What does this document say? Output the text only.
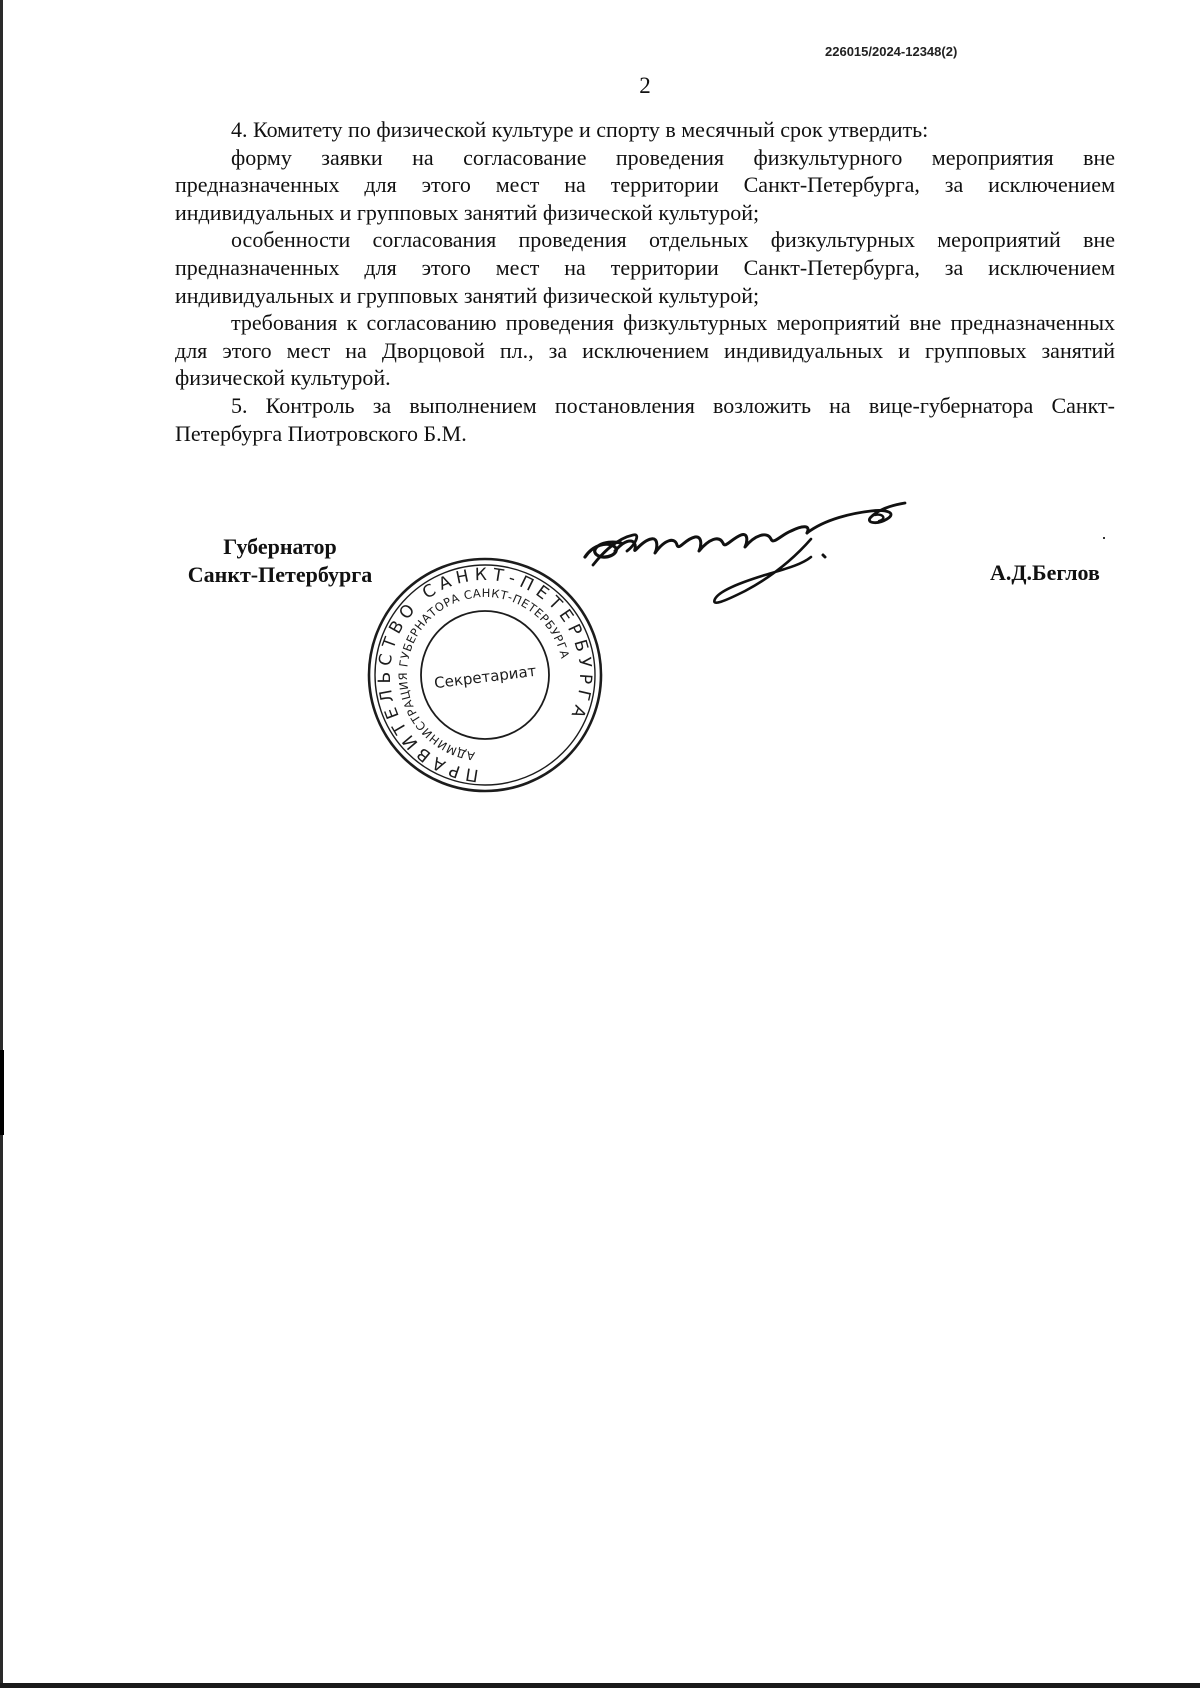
226015/2024-12348(2)
2

4. Комитету по физической культуре и спорту в месячный срок утвердить:

форму заявки на согласование проведения физкультурного мероприятия вне предназначенных для этого мест на территории Санкт-Петербурга, за исключением индивидуальных и групповых занятий физической культурой;

особенности согласования проведения отдельных физкультурных мероприятий вне предназначенных для этого мест на территории Санкт-Петербурга, за исключением индивидуальных и групповых занятий физической культурой;

требования к согласованию проведения физкультурных мероприятий вне предназначенных для этого мест на Дворцовой пл., за исключением индивидуальных и групповых занятий физической культурой.

5. Контроль за выполнением постановления возложить на вице-губернатора Санкт-Петербурга Пиотровского Б.М.

Губернатор
Санкт-Петербурга	А.Д.Беглов
ПРАВИТЕЛЬСТВО САНКТ-ПЕТЕРБУРГА
АДМИНИСТРАЦИЯ ГУБЕРНАТОРА САНКТ-ПЕТЕРБУРГА
Секретариат
